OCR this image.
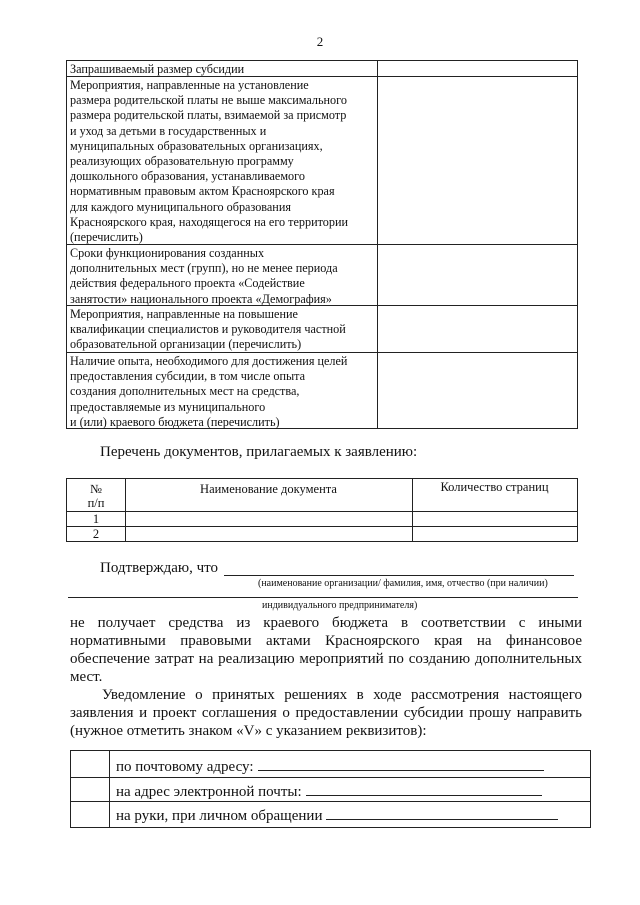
2
Запрашиваемый размер субсидии
Мероприятия, направленные на установление
размера родительской платы не выше максимального
размера родительской платы, взимаемой за присмотр
и уход за детьми в государственных и
муниципальных образовательных организациях,
реализующих образовательную программу
дошкольного образования, устанавливаемого
нормативным правовым актом Красноярского края
для каждого муниципального образования
Красноярского края, находящегося на его территории
(перечислить)
Сроки функционирования созданных
дополнительных мест (групп), но не менее периода
действия федерального проекта «Содействие
занятости» национального проекта «Демография»
Мероприятия, направленные на повышение
квалификации специалистов и руководителя частной
образовательной организации (перечислить)
Наличие опыта, необходимого для достижения целей
предоставления субсидии, в том числе опыта
создания дополнительных мест на средства,
предоставляемые из муниципального
и (или) краевого бюджета (перечислить)
Перечень документов, прилагаемых к заявлению:
№
п/п
Наименование документа	Количество страниц
1
2
Подтверждаю, что
(наименование организации/ фамилия, имя, отчество (при наличии)
индивидуального предпринимателя)
не получает средства из краевого бюджета в соответствии с иными
нормативными правовыми актами Красноярского края на финансовое
обеспечение затрат на реализацию мероприятий по созданию дополнительных
мест.
Уведомление о принятых решениях в ходе рассмотрения настоящего
заявления и проект соглашения о предоставлении субсидии прошу направить
(нужное отметить знаком «V» с указанием реквизитов):
по почтовому адресу:
на адрес электронной почты:
на руки, при личном обращении
